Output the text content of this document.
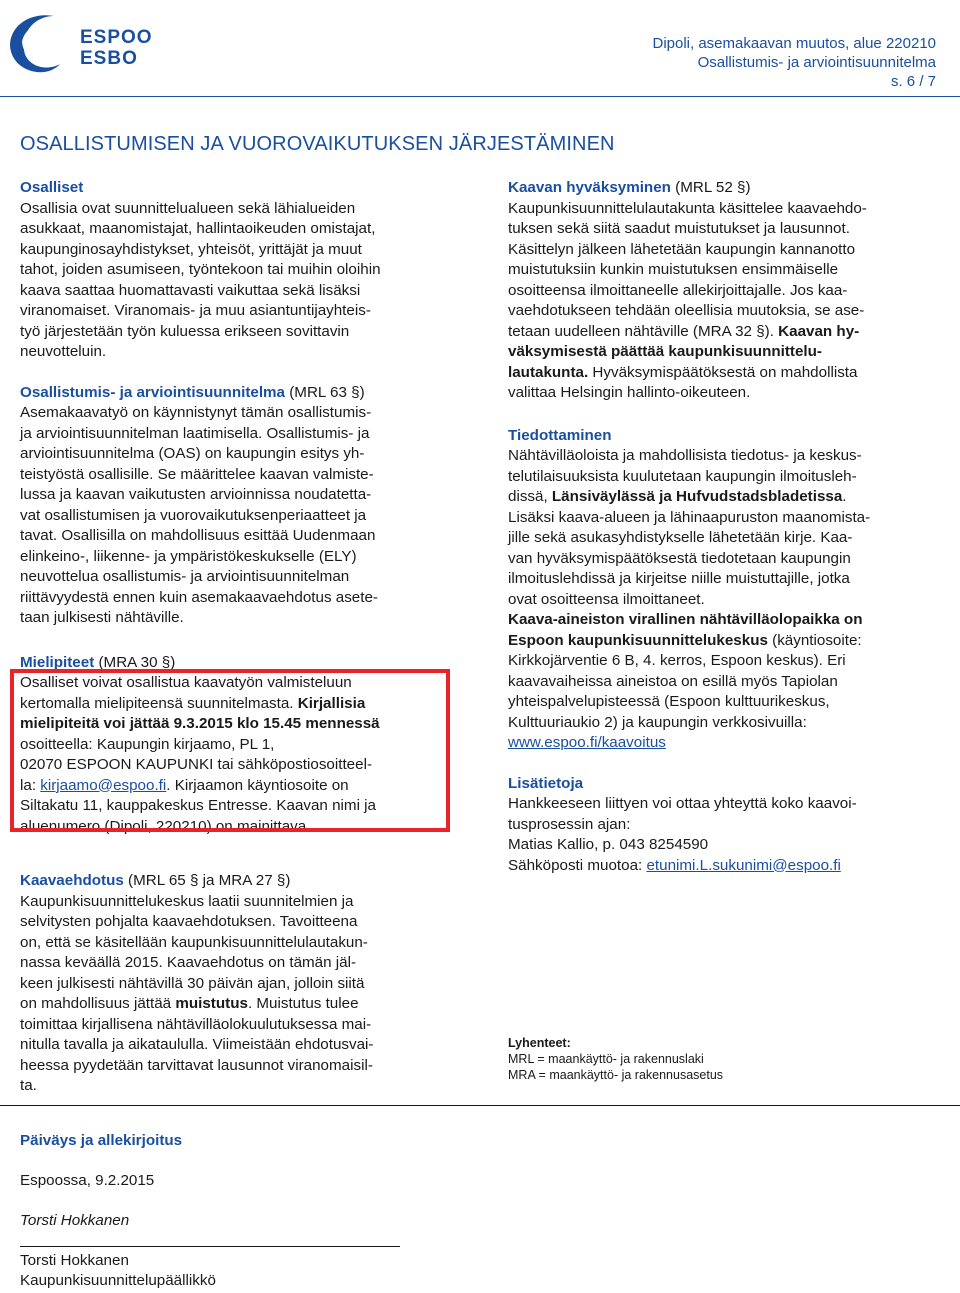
ESPOO
ESBO
Dipoli, asemakaavan muutos, alue 220210
Osallistumis- ja arviointisuunnitelma
s. 6 / 7
OSALLISTUMISEN JA VUOROVAIKUTUKSEN JÄRJESTÄMINEN

Osalliset

Osallisia ovat suunnittelualueen sekä lähialueiden

asukkaat, maanomistajat, hallintaoikeuden omistajat,

kaupunginosayhdistykset, yhteisöt, yrittäjät ja muut

tahot, joiden asumiseen, työntekoon tai muihin oloihin

kaava saattaa huomattavasti vaikuttaa sekä lisäksi

viranomaiset. Viranomais- ja muu asiantuntijayhteis-

työ järjestetään työn kuluessa erikseen sovittavin

neuvotteluin.

Osallistumis- ja arviointisuunnitelma (MRL 63 §)

Asemakaavatyö on käynnistynyt tämän osallistumis-

ja arviointisuunnitelman laatimisella. Osallistumis- ja

arviointisuunnitelma (OAS) on kaupungin esitys yh-

teistyöstä osallisille. Se määrittelee kaavan valmiste-

lussa ja kaavan vaikutusten arvioinnissa noudatetta-

vat osallistumisen ja vuorovaikutuksenperiaatteet ja

tavat. Osallisilla on mahdollisuus esittää Uudenmaan

elinkeino-, liikenne- ja ympäristökeskukselle (ELY)

neuvottelua osallistumis- ja arviointisuunnitelman

riittävyydestä ennen kuin asemakaavaehdotus asete-

taan julkisesti nähtäville.

Mielipiteet (MRA 30 §)

Osalliset voivat osallistua kaavatyön valmisteluun

kertomalla mielipiteensä suunnitelmasta. Kirjallisia

mielipiteitä voi jättää 9.3.2015 klo 15.45 mennessä

osoitteella: Kaupungin kirjaamo, PL 1,

02070 ESPOON KAUPUNKI tai sähköpostiosoitteel-

la: kirjaamo@espoo.fi. Kirjaamon käyntiosoite on

Siltakatu 11, kauppakeskus Entresse. Kaavan nimi ja

aluenumero (Dipoli, 220210) on mainittava.

Kaavaehdotus (MRL 65 § ja MRA 27 §)

Kaupunkisuunnittelukeskus laatii suunnitelmien ja

selvitysten pohjalta kaavaehdotuksen. Tavoitteena

on, että se käsitellään kaupunkisuunnittelulautakun-

nassa keväällä 2015. Kaavaehdotus on tämän jäl-

keen julkisesti nähtävillä 30 päivän ajan, jolloin siitä

on mahdollisuus jättää muistutus. Muistutus tulee

toimittaa kirjallisena nähtävilläolokuulutuksessa mai-

nitulla tavalla ja aikataululla. Viimeistään ehdotusvai-

heessa pyydetään tarvittavat lausunnot viranomaisil-

ta.

Kaavan hyväksyminen (MRL 52 §)

Kaupunkisuunnittelulautakunta käsittelee kaavaehdo-

tuksen sekä siitä saadut muistutukset ja lausunnot.

Käsittelyn jälkeen lähetetään kaupungin kannanotto

muistutuksiin kunkin muistutuksen ensimmäiselle

osoitteensa ilmoittaneelle allekirjoittajalle. Jos kaa-

vaehdotukseen tehdään oleellisia muutoksia, se ase-

tetaan uudelleen nähtäville (MRA 32 §). Kaavan hy-

väksymisestä päättää kaupunkisuunnittelu-

lautakunta. Hyväksymispäätöksestä on mahdollista

valittaa Helsingin hallinto-oikeuteen.

Tiedottaminen

Nähtävilläoloista ja mahdollisista tiedotus- ja keskus-

telutilaisuuksista kuulutetaan kaupungin ilmoitusleh-

dissä, Länsiväylässä ja Hufvudstadsbladetissa.

Lisäksi kaava-alueen ja lähinaapuruston maanomista-

jille sekä asukasyhdistykselle lähetetään kirje. Kaa-

van hyväksymispäätöksestä tiedotetaan kaupungin

ilmoituslehdissä ja kirjeitse niille muistuttajille, jotka

ovat osoitteensa ilmoittaneet.

Kaava-aineiston virallinen nähtävilläolopaikka on

Espoon kaupunkisuunnittelukeskus (käyntiosoite:

Kirkkojärventie 6 B, 4. kerros, Espoon keskus). Eri

kaavavaiheissa aineistoa on esillä myös Tapiolan

yhteispalvelupisteessä (Espoon kulttuurikeskus,

Kulttuuriaukio 2) ja kaupungin verkkosivuilla:

www.espoo.fi/kaavoitus

Lisätietoja

Hankkeeseen liittyen voi ottaa yhteyttä koko kaavoi-

tusprosessin ajan:

Matias Kallio, p. 043 8254590

Sähköposti muotoa: etunimi.L.sukunimi@espoo.fi

Lyhenteet:
MRL = maankäyttö- ja rakennuslaki
MRA = maankäyttö- ja rakennusasetus
Päiväys ja allekirjoitus
Espoossa, 9.2.2015
Torsti Hokkanen
Torsti Hokkanen
Kaupunkisuunnittelupäällikkö
